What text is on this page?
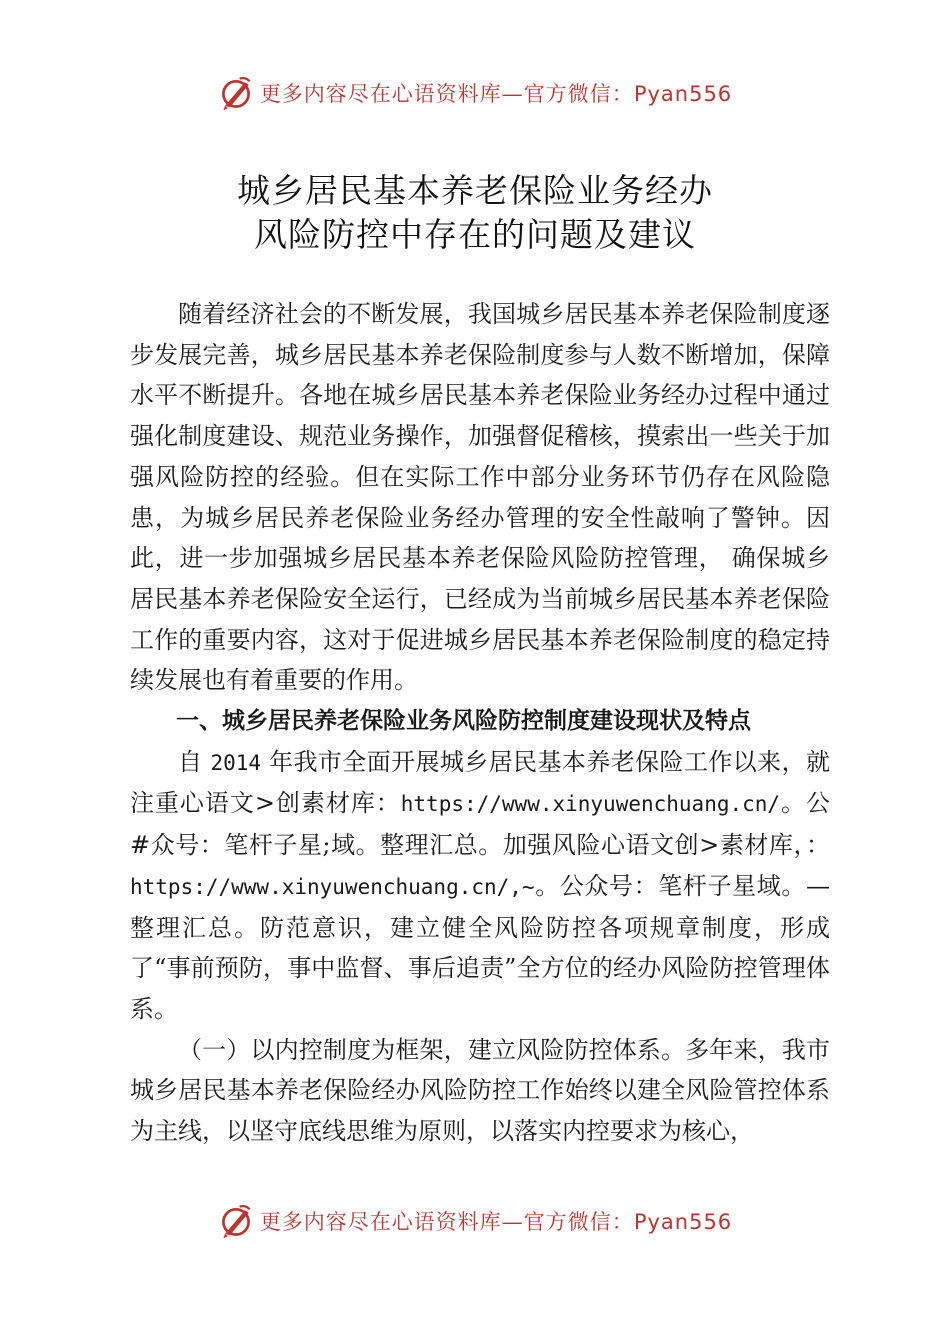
更多内容尽在心语资料库—官方微信：Pyan556
城乡居民基本养老保险业务经办
风险防控中存在的问题及建议

随着经济社会的不断发展，我国城乡居民基本养老保险制度逐步发展完善，城乡居民基本养老保险制度参与人数不断增加，保障水平不断提升。各地在城乡居民基本养老保险业务经办过程中通过强化制度建设、规范业务操作，加强督促稽核，摸索出一些关于加强风险防控的经验。但在实际工作中部分业务环节仍存在风险隐患，为城乡居民养老保险业务经办管理的安全性敲响了警钟。因此，进一步加强城乡居民基本养老保险风险防控管理， 确保城乡居民基本养老保险安全运行，已经成为当前城乡居民基本养老保险工作的重要内容，这对于促进城乡居民基本养老保险制度的稳定持续发展也有着重要的作用。

一、城乡居民养老保险业务风险防控制度建设现状及特点

自 2014 年我市全面开展城乡居民基本养老保险工作以来，就注重心语文>创素材库：https://www.xinyuwenchuang.cn/。公#众号：笔杆子星;域。整理汇总。加强风险心语文创>素材库，：https://www.xinyuwenchuang.cn/,~。公众号：笔杆子星域。—整理汇总。防范意识，建立健全风险防控各项规章制度，形成了“事前预防，事中监督、事后追责”全方位的经办风险防控管理体系。

（一）以内控制度为框架，建立风险防控体系。多年来，我市城乡居民基本养老保险经办风险防控工作始终以建全风险管控体系为主线，以坚守底线思维为原则，以落实内控要求为核心，

更多内容尽在心语资料库—官方微信：Pyan556
